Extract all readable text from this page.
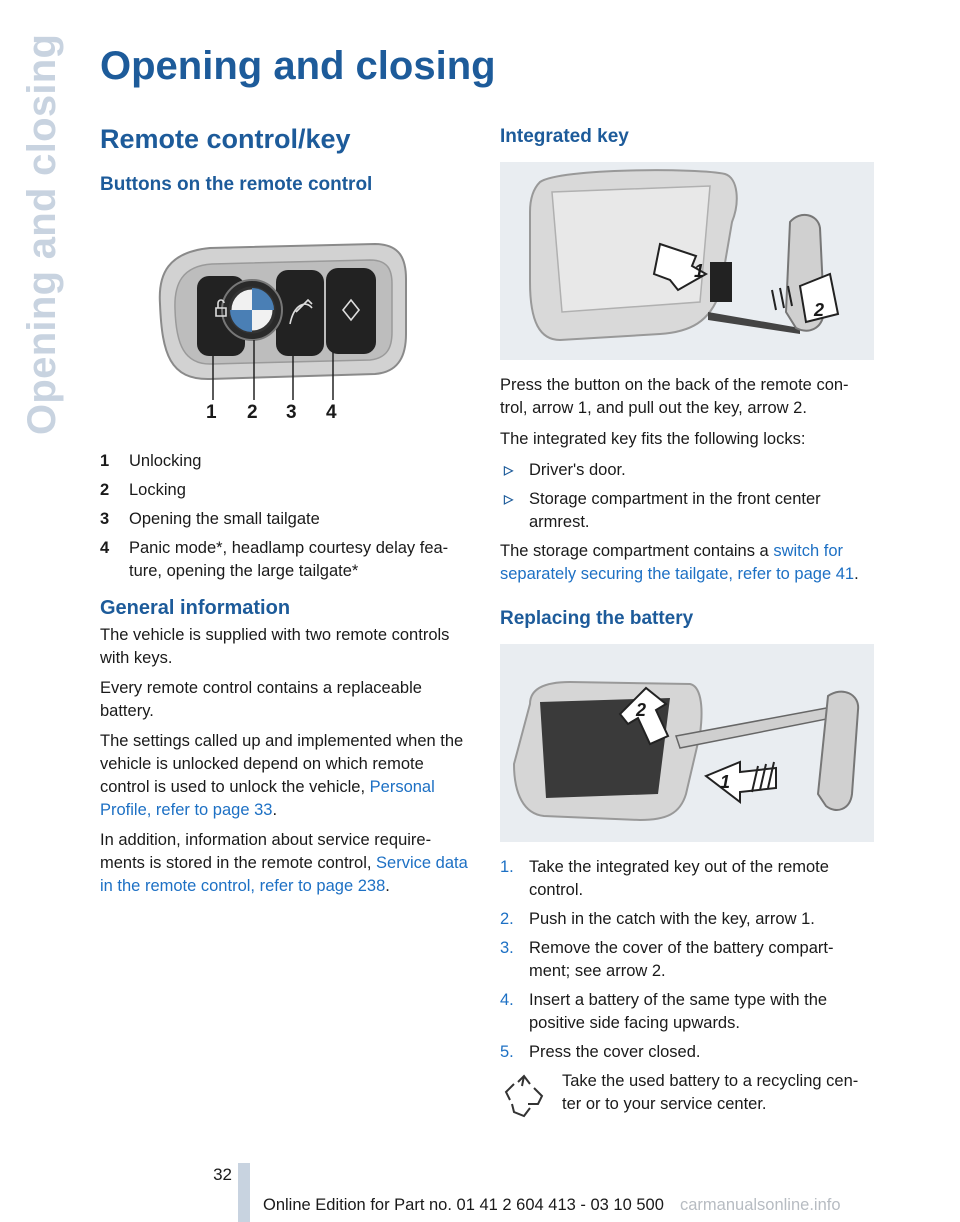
Opening and closing Opening and closing
Remote control/key
Buttons on the remote control
1 2 3 4
1 Unlocking
2 Locking
3 Opening the small tailgate
4 Panic mode*, headlamp courtesy delay fea-ture, opening the large tailgate*
General information

The vehicle is supplied with two remote controls with keys.

Every remote control contains a replaceable battery.

The settings called up and implemented when the vehicle is unlocked depend on which remote control is used to unlock the vehicle, Personal Profile, refer to page 33.

In addition, information about service require-ments is stored in the remote control, Service data in the remote control, refer to page 238.

Integrated key
1
2

Press the button on the back of the remote con-trol, arrow 1, and pull out the key, arrow 2.

The integrated key fits the following locks:

▷ Driver's door.
▷ Storage compartment in the front center armrest.

The storage compartment contains a switch for separately securing the tailgate, refer to page 41.

Replacing the battery
2
1
1. Take the integrated key out of the remote control.
2. Push in the catch with the key, arrow 1.
3. Remove the cover of the battery compart-ment; see arrow 2.
4. Insert a battery of the same type with the positive side facing upwards.
5. Press the cover closed.

Take the used battery to a recycling cen-ter or to your service center.

32
Online Edition for Part no. 01 41 2 604 413 - 03 10 500 carmanualsonline.info
